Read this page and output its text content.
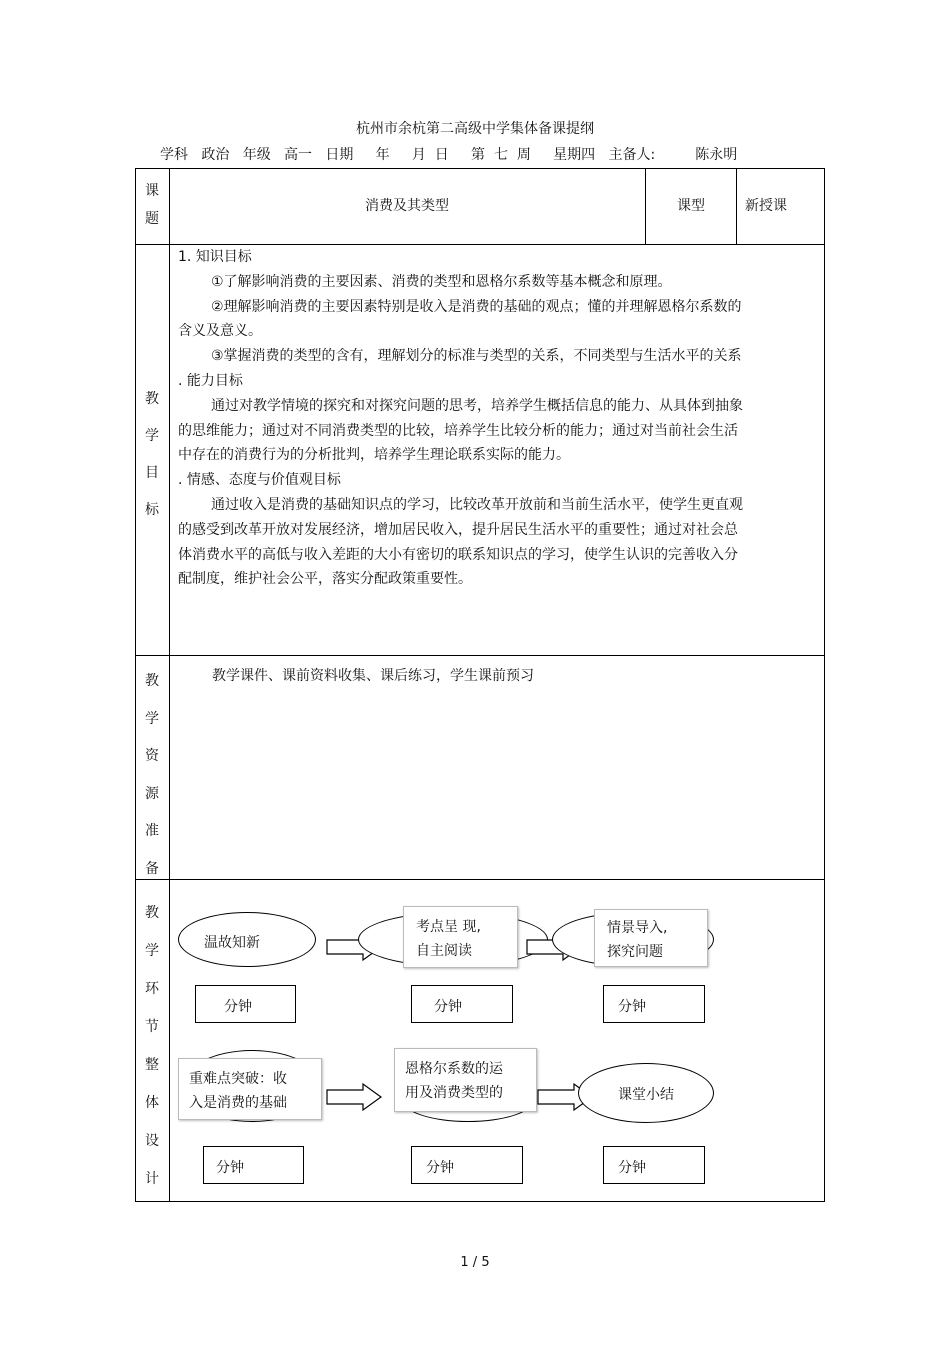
杭州市余杭第二高级中学集体备课提纲
学科   政治   年级   高一   日期     年     月  日     第  七  周     星期四   主备人:         陈永明
课
题
消费及其类型	课型	新授课
教
学
目
标

1. 知识目标

①了解影响消费的主要因素、消费的类型和恩格尔系数等基本概念和原理。

②理解影响消费的主要因素特别是收入是消费的基础的观点；懂的并理解恩格尔系数的含义及意义。

③掌握消费的类型的含有，理解划分的标准与类型的关系，不同类型与生活水平的关系

. 能力目标

通过对教学情境的探究和对探究问题的思考，培养学生概括信息的能力、从具体到抽象的思维能力；通过对不同消费类型的比较，培养学生比较分析的能力；通过对当前社会生活中存在的消费行为的分析批判，培养学生理论联系实际的能力。

. 情感、态度与价值观目标

通过收入是消费的基础知识点的学习，比较改革开放前和当前生活水平，使学生更直观的感受到改革开放对发展经济，增加居民收入，提升居民生活水平的重要性；通过对社会总体消费水平的高低与收入差距的大小有密切的联系知识点的学习，使学生认识的完善收入分配制度，维护社会公平，落实分配政策重要性。

教
学
资
源
准
备
教学课件、课前资料收集、课后练习，学生课前预习
教
学
环
节
整
体
设
计
温故知新
考点呈 现,
自主阅读
情景导入,
探究问题
分钟	分钟	分钟
重难点突破：收
入是消费的基础
恩格尔系数的运
用及消费类型的	课堂小结
分钟	分钟	分钟
1 / 5
